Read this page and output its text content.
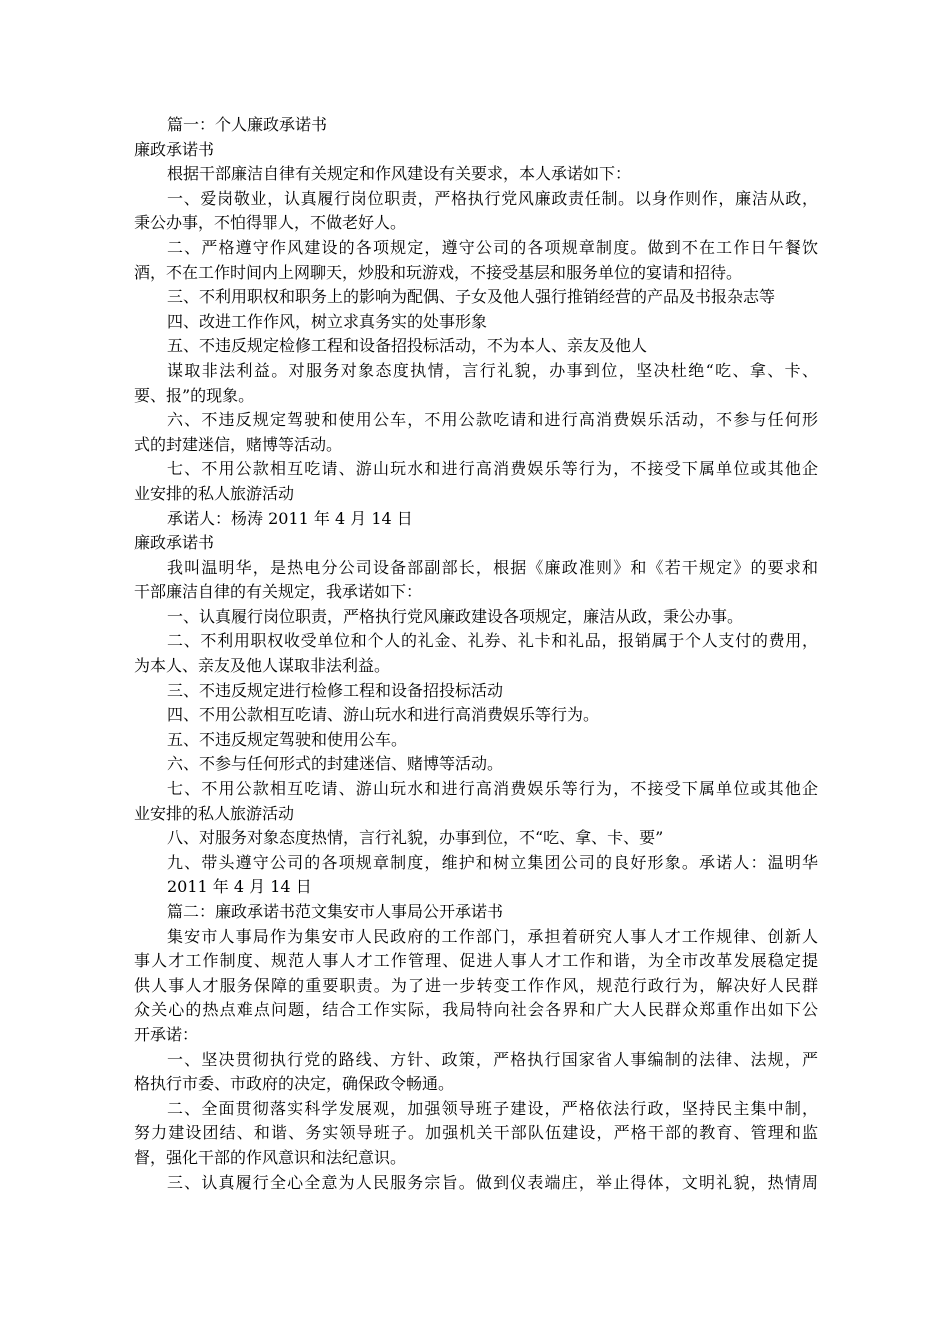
篇一：个人廉政承诺书
廉政承诺书
根据干部廉洁自律有关规定和作风建设有关要求，本人承诺如下：
一、爱岗敬业，认真履行岗位职责，严格执行党风廉政责任制。以身作则作，廉洁从政，
秉公办事，不怕得罪人，不做老好人。
二、严格遵守作风建设的各项规定，遵守公司的各项规章制度。做到不在工作日午餐饮
酒，不在工作时间内上网聊天，炒股和玩游戏，不接受基层和服务单位的宴请和招待。
三、不利用职权和职务上的影响为配偶、子女及他人强行推销经营的产品及书报杂志等
四、改进工作作风，树立求真务实的处事形象
五、不违反规定检修工程和设备招投标活动，不为本人、亲友及他人
谋取非法利益。对服务对象态度执情，言行礼貌，办事到位，坚决杜绝“吃、拿、卡、
要、报”的现象。
六、不违反规定驾驶和使用公车，不用公款吃请和进行高消费娱乐活动，不参与任何形
式的封建迷信，赌博等活动。
七、不用公款相互吃请、游山玩水和进行高消费娱乐等行为，不接受下属单位或其他企
业安排的私人旅游活动
承诺人：杨涛 2011 年 4 月 14 日
廉政承诺书
我叫温明华，是热电分公司设备部副部长，根据《廉政准则》和《若干规定》的要求和
干部廉洁自律的有关规定，我承诺如下：
一、认真履行岗位职责，严格执行党风廉政建设各项规定，廉洁从政，秉公办事。
二、不利用职权收受单位和个人的礼金、礼券、礼卡和礼品，报销属于个人支付的费用，
为本人、亲友及他人谋取非法利益。
三、不违反规定进行检修工程和设备招投标活动
四、不用公款相互吃请、游山玩水和进行高消费娱乐等行为。
五、不违反规定驾驶和使用公车。
六、不参与任何形式的封建迷信、赌博等活动。
七、不用公款相互吃请、游山玩水和进行高消费娱乐等行为，不接受下属单位或其他企
业安排的私人旅游活动
八、对服务对象态度热情，言行礼貌，办事到位，不“吃、拿、卡、要”
九、带头遵守公司的各项规章制度，维护和树立集团公司的良好形象。承诺人：温明华
2011 年 4 月 14 日
篇二：廉政承诺书范文集安市人事局公开承诺书
集安市人事局作为集安市人民政府的工作部门，承担着研究人事人才工作规律、创新人
事人才工作制度、规范人事人才工作管理、促进人事人才工作和谐，为全市改革发展稳定提
供人事人才服务保障的重要职责。为了进一步转变工作作风，规范行政行为，解决好人民群
众关心的热点难点问题，结合工作实际，我局特向社会各界和广大人民群众郑重作出如下公
开承诺：
一、坚决贯彻执行党的路线、方针、政策，严格执行国家省人事编制的法律、法规，严
格执行市委、市政府的决定，确保政令畅通。
二、全面贯彻落实科学发展观，加强领导班子建设，严格依法行政，坚持民主集中制，
努力建设团结、和谐、务实领导班子。加强机关干部队伍建设，严格干部的教育、管理和监
督，强化干部的作风意识和法纪意识。
三、认真履行全心全意为人民服务宗旨。做到仪表端庄，举止得体，文明礼貌，热情周
